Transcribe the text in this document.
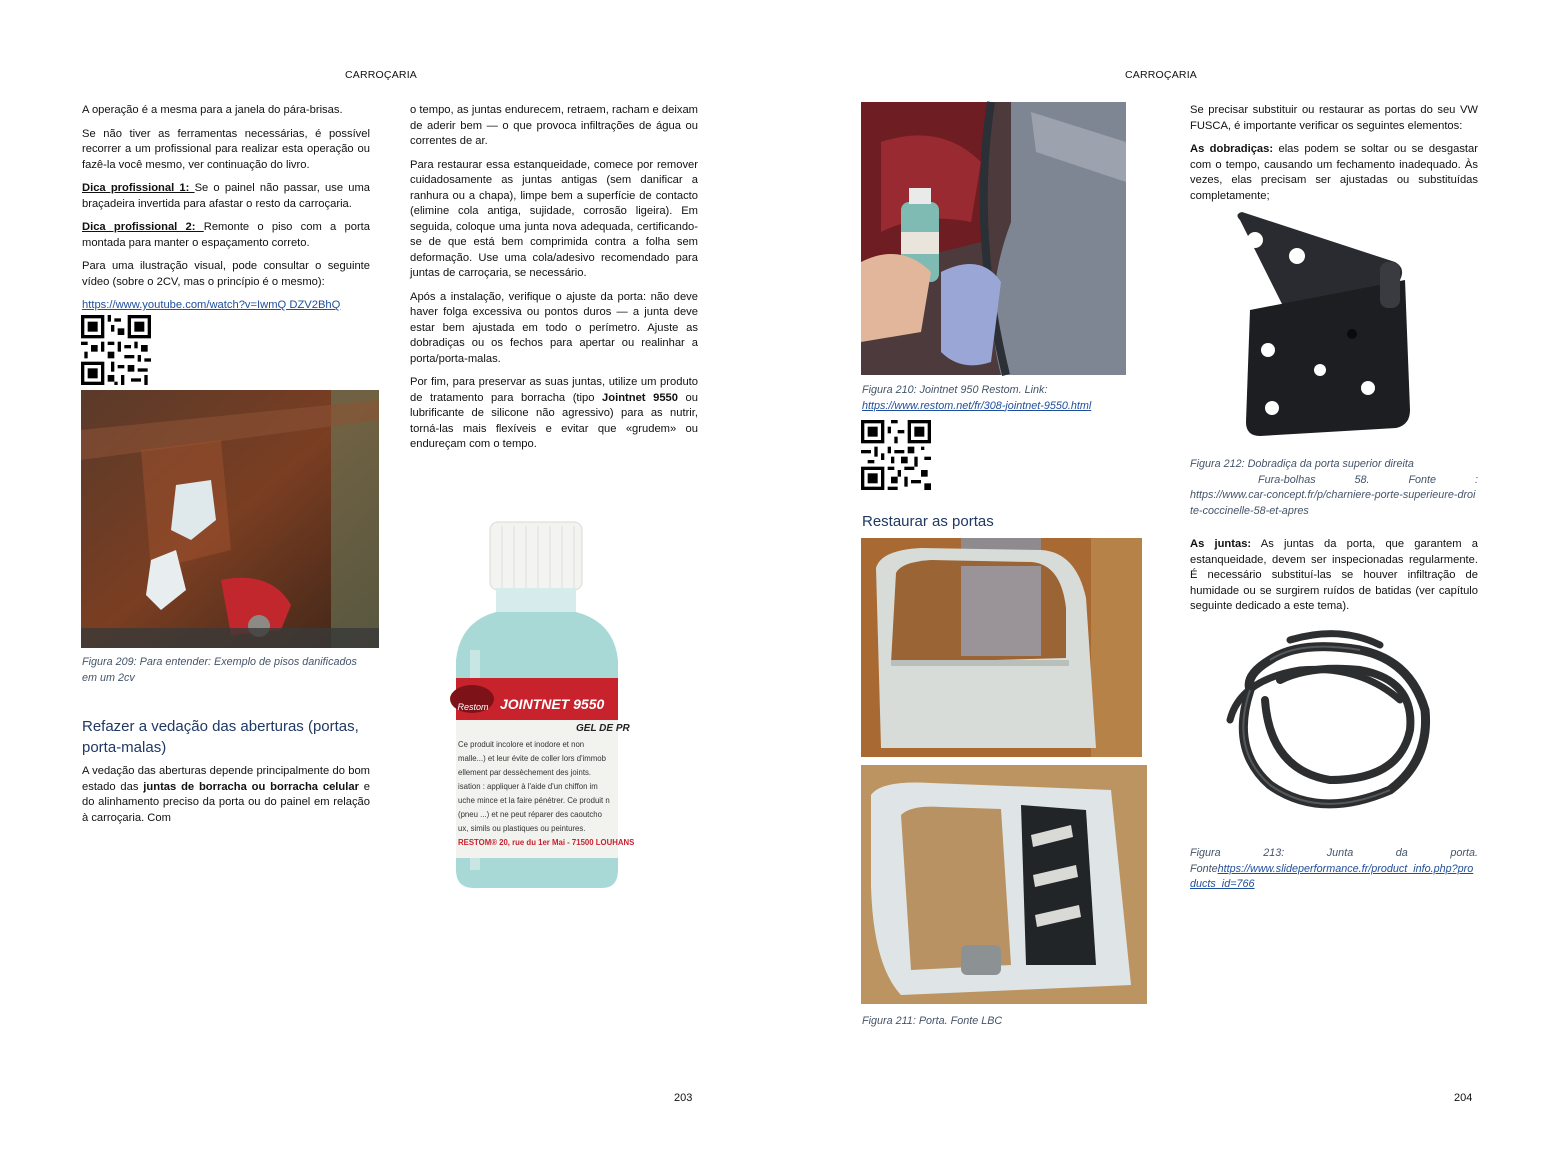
CARROÇARIA

A operação é a mesma para a janela do pára-brisas.

Se não tiver as ferramentas necessárias, é possível recorrer a um profissional para realizar esta operação ou fazê-la você mesmo, ver continuação do livro.

Dica profissional 1: Se o painel não passar, use uma braçadeira invertida para afastar o resto da carroçaria.

Dica profissional 2: Remonte o piso com a porta montada para manter o espaçamento correto.

Para uma ilustração visual, pode consultar o seguinte vídeo (sobre o 2CV, mas o princípio é o mesmo):

https://www.youtube.com/watch?v=IwmQ DZV2BhQ

Figura 209: Para entender: Exemplo de pisos danificados em um 2cv
Refazer a vedação das aberturas (portas, porta-malas)

A vedação das aberturas depende principalmente do bom estado das juntas de borracha ou borracha celular e do alinhamento preciso da porta ou do painel em relação à carroçaria. Com

o tempo, as juntas endurecem, retraem, racham e deixam de aderir bem — o que provoca infiltrações de água ou correntes de ar.

Para restaurar essa estanqueidade, comece por remover cuidadosamente as juntas antigas (sem danificar a ranhura ou a chapa), limpe bem a superfície de contacto (elimine cola antiga, sujidade, corrosão ligeira). Em seguida, coloque uma junta nova adequada, certificando-se de que está bem comprimida contra a folha sem deformação. Use uma cola/adesivo recomendado para juntas de carroçaria, se necessário.

Após a instalação, verifique o ajuste da porta: não deve haver folga excessiva ou pontos duros — a junta deve estar bem ajustada em todo o perímetro. Ajuste as dobradiças ou os fechos para apertar ou realinhar a porta/porta-malas.

Por fim, para preservar as suas juntas, utilize um produto de tratamento para borracha (tipo Jointnet 9550 ou lubrificante de silicone não agressivo) para as nutrir, torná-las mais flexíveis e evitar que «grudem» ou endureçam com o tempo.

Restom JOINTNET 9550
GEL DE PR
Ce produit incolore et inodore et non
malle...) et leur évite de coller lors d'immob
ellement par dessèchement des joints.
isation : appliquer à l'aide d'un chiffon im
uche mince et la faire pénétrer. Ce produit n
(pneu ...) et ne peut réparer des caoutcho
ux, simils ou plastiques ou peintures.
RESTOM® 20, rue du 1er Mai - 71500 LOUHANS
203
CARROÇARIA
Figura 210: Jointnet 950 Restom. Link: https://www.restom.net/fr/308-jointnet-9550.html
Restaurar as portas
Figura 211: Porta. Fonte LBC

Se precisar substituir ou restaurar as portas do seu VW FUSCA, é importante verificar os seguintes elementos:

As dobradiças: elas podem se soltar ou se desgastar com o tempo, causando um fechamento inadequado. Às vezes, elas precisam ser ajustadas ou substituídas completamente;

Figura 212: Dobradiça da porta superior direita
Fura-bolhas	58.	Fonte	:
https://www.car-concept.fr/p/charniere-porte-superieure-droite-coccinelle-58-et-apres

As juntas: As juntas da porta, que garantem a estanqueidade, devem ser inspecionadas regularmente. É necessário substituí-las se houver infiltração de humidade ou se surgirem ruídos de batidas (ver capítulo seguinte dedicado a este tema).

Figura	213:	Junta	da	porta.
Fontehttps://www.slideperformance.fr/product_info.php?products_id=766
204
